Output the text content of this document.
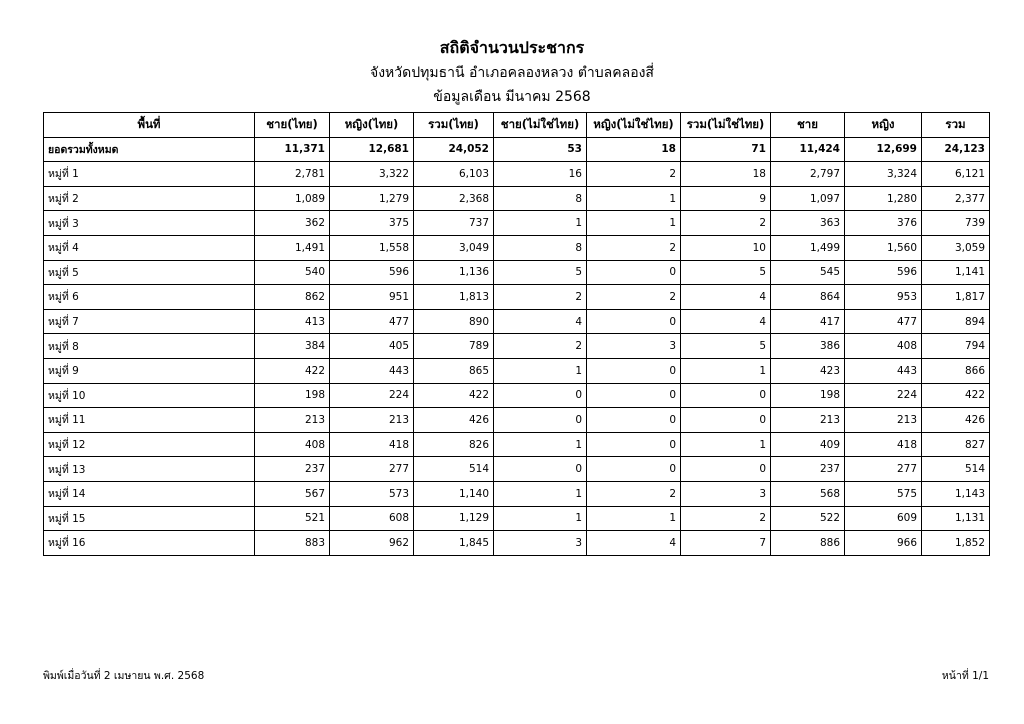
สถิติจำนวนประชากร
จังหวัดปทุมธานี อำเภอคลองหลวง ตำบลคลองสี่
ข้อมูลเดือน มีนาคม 2568
พื้นที่	ชาย(ไทย)	หญิง(ไทย)	รวม(ไทย)	ชาย(ไม่ใช่ไทย)	หญิง(ไม่ใช่ไทย)	รวม(ไม่ใช่ไทย)	ชาย	หญิง	รวม
ยอดรวมทั้งหมด	11,371	12,681	24,052	53	18	71	11,424	12,699	24,123
หมู่ที่ 1	2,781	3,322	6,103	16	2	18	2,797	3,324	6,121
หมู่ที่ 2	1,089	1,279	2,368	8	1	9	1,097	1,280	2,377
หมู่ที่ 3	362	375	737	1	1	2	363	376	739
หมู่ที่ 4	1,491	1,558	3,049	8	2	10	1,499	1,560	3,059
หมู่ที่ 5	540	596	1,136	5	0	5	545	596	1,141
หมู่ที่ 6	862	951	1,813	2	2	4	864	953	1,817
หมู่ที่ 7	413	477	890	4	0	4	417	477	894
หมู่ที่ 8	384	405	789	2	3	5	386	408	794
หมู่ที่ 9	422	443	865	1	0	1	423	443	866
หมู่ที่ 10	198	224	422	0	0	0	198	224	422
หมู่ที่ 11	213	213	426	0	0	0	213	213	426
หมู่ที่ 12	408	418	826	1	0	1	409	418	827
หมู่ที่ 13	237	277	514	0	0	0	237	277	514
หมู่ที่ 14	567	573	1,140	1	2	3	568	575	1,143
หมู่ที่ 15	521	608	1,129	1	1	2	522	609	1,131
หมู่ที่ 16	883	962	1,845	3	4	7	886	966	1,852
พิมพ์เมื่อวันที่ 2 เมษายน พ.ศ. 2568	หน้าที่ 1/1
